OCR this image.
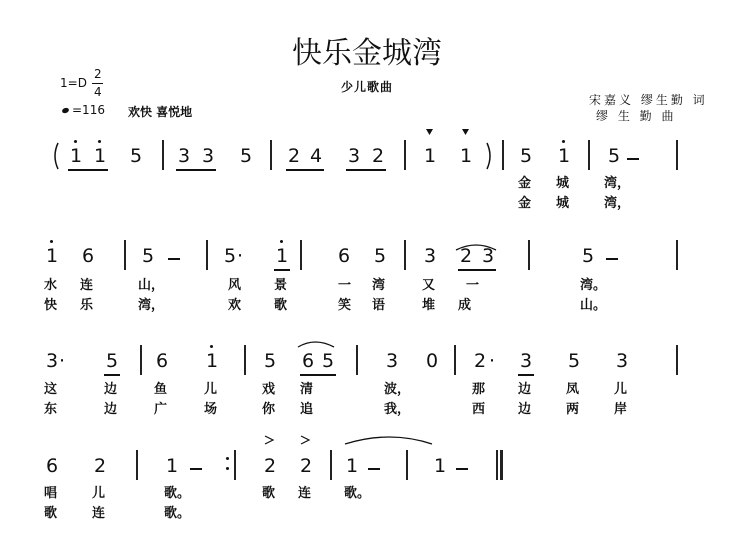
快乐金城湾
少儿歌曲
1=D
2
4
=116 欢快 喜悦地
宋嘉义 缪生勤 词
缪 生 勤 曲
1 1 5 3 3 5 2 4 3 2 1 1	5 1 5
金 城	湾，
金 城	湾，
1 6	5	5 · 1	6 5 3 2 3	5
水 连	山，	风	景	一 湾	又 一	湾。
快 乐	湾，	欢	歌	笑 语	堆 成	山。
3 · 5 6 1 5 6 5	3 0 2 · 3 5 3
这	边	鱼	儿	戏 清	波，	那	边	凤	儿
东	边	广	场	你 追	我，	西	边	两	岸
6 2	1	2 2 1	1
唱	儿	歌。	歌 连	歌。
歌	连	歌。
